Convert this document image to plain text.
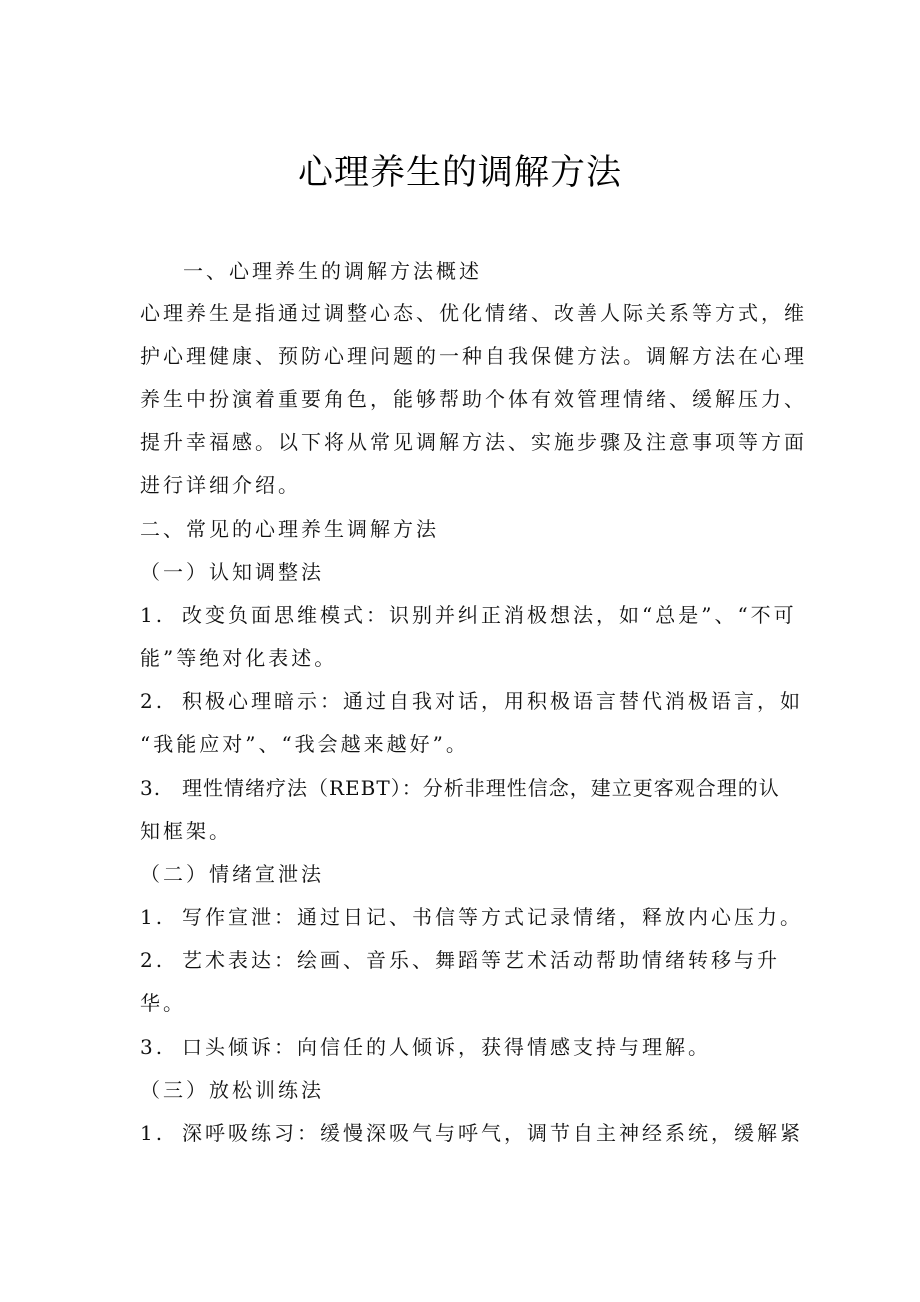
心理养生的调解方法
一、心理养生的调解方法概述
心理养生是指通过调整心态、优化情绪、改善人际关系等方式，维
护心理健康、预防心理问题的一种自我保健方法。调解方法在心理
养生中扮演着重要角色，能够帮助个体有效管理情绪、缓解压力、
提升幸福感。以下将从常见调解方法、实施步骤及注意事项等方面
进行详细介绍。
二、常见的心理养生调解方法
（一）认知调整法
1. 改变负面思维模式：识别并纠正消极想法，如“总是”、“不可
能”等绝对化表述。
2. 积极心理暗示：通过自我对话，用积极语言替代消极语言，如
“我能应对”、“我会越来越好”。
3. 理性情绪疗法（REBT）：分析非理性信念，建立更客观合理的认
知框架。
（二）情绪宣泄法
1. 写作宣泄：通过日记、书信等方式记录情绪，释放内心压力。
2. 艺术表达：绘画、音乐、舞蹈等艺术活动帮助情绪转移与升
华。
3. 口头倾诉：向信任的人倾诉，获得情感支持与理解。
（三）放松训练法
1. 深呼吸练习：缓慢深吸气与呼气，调节自主神经系统，缓解紧
